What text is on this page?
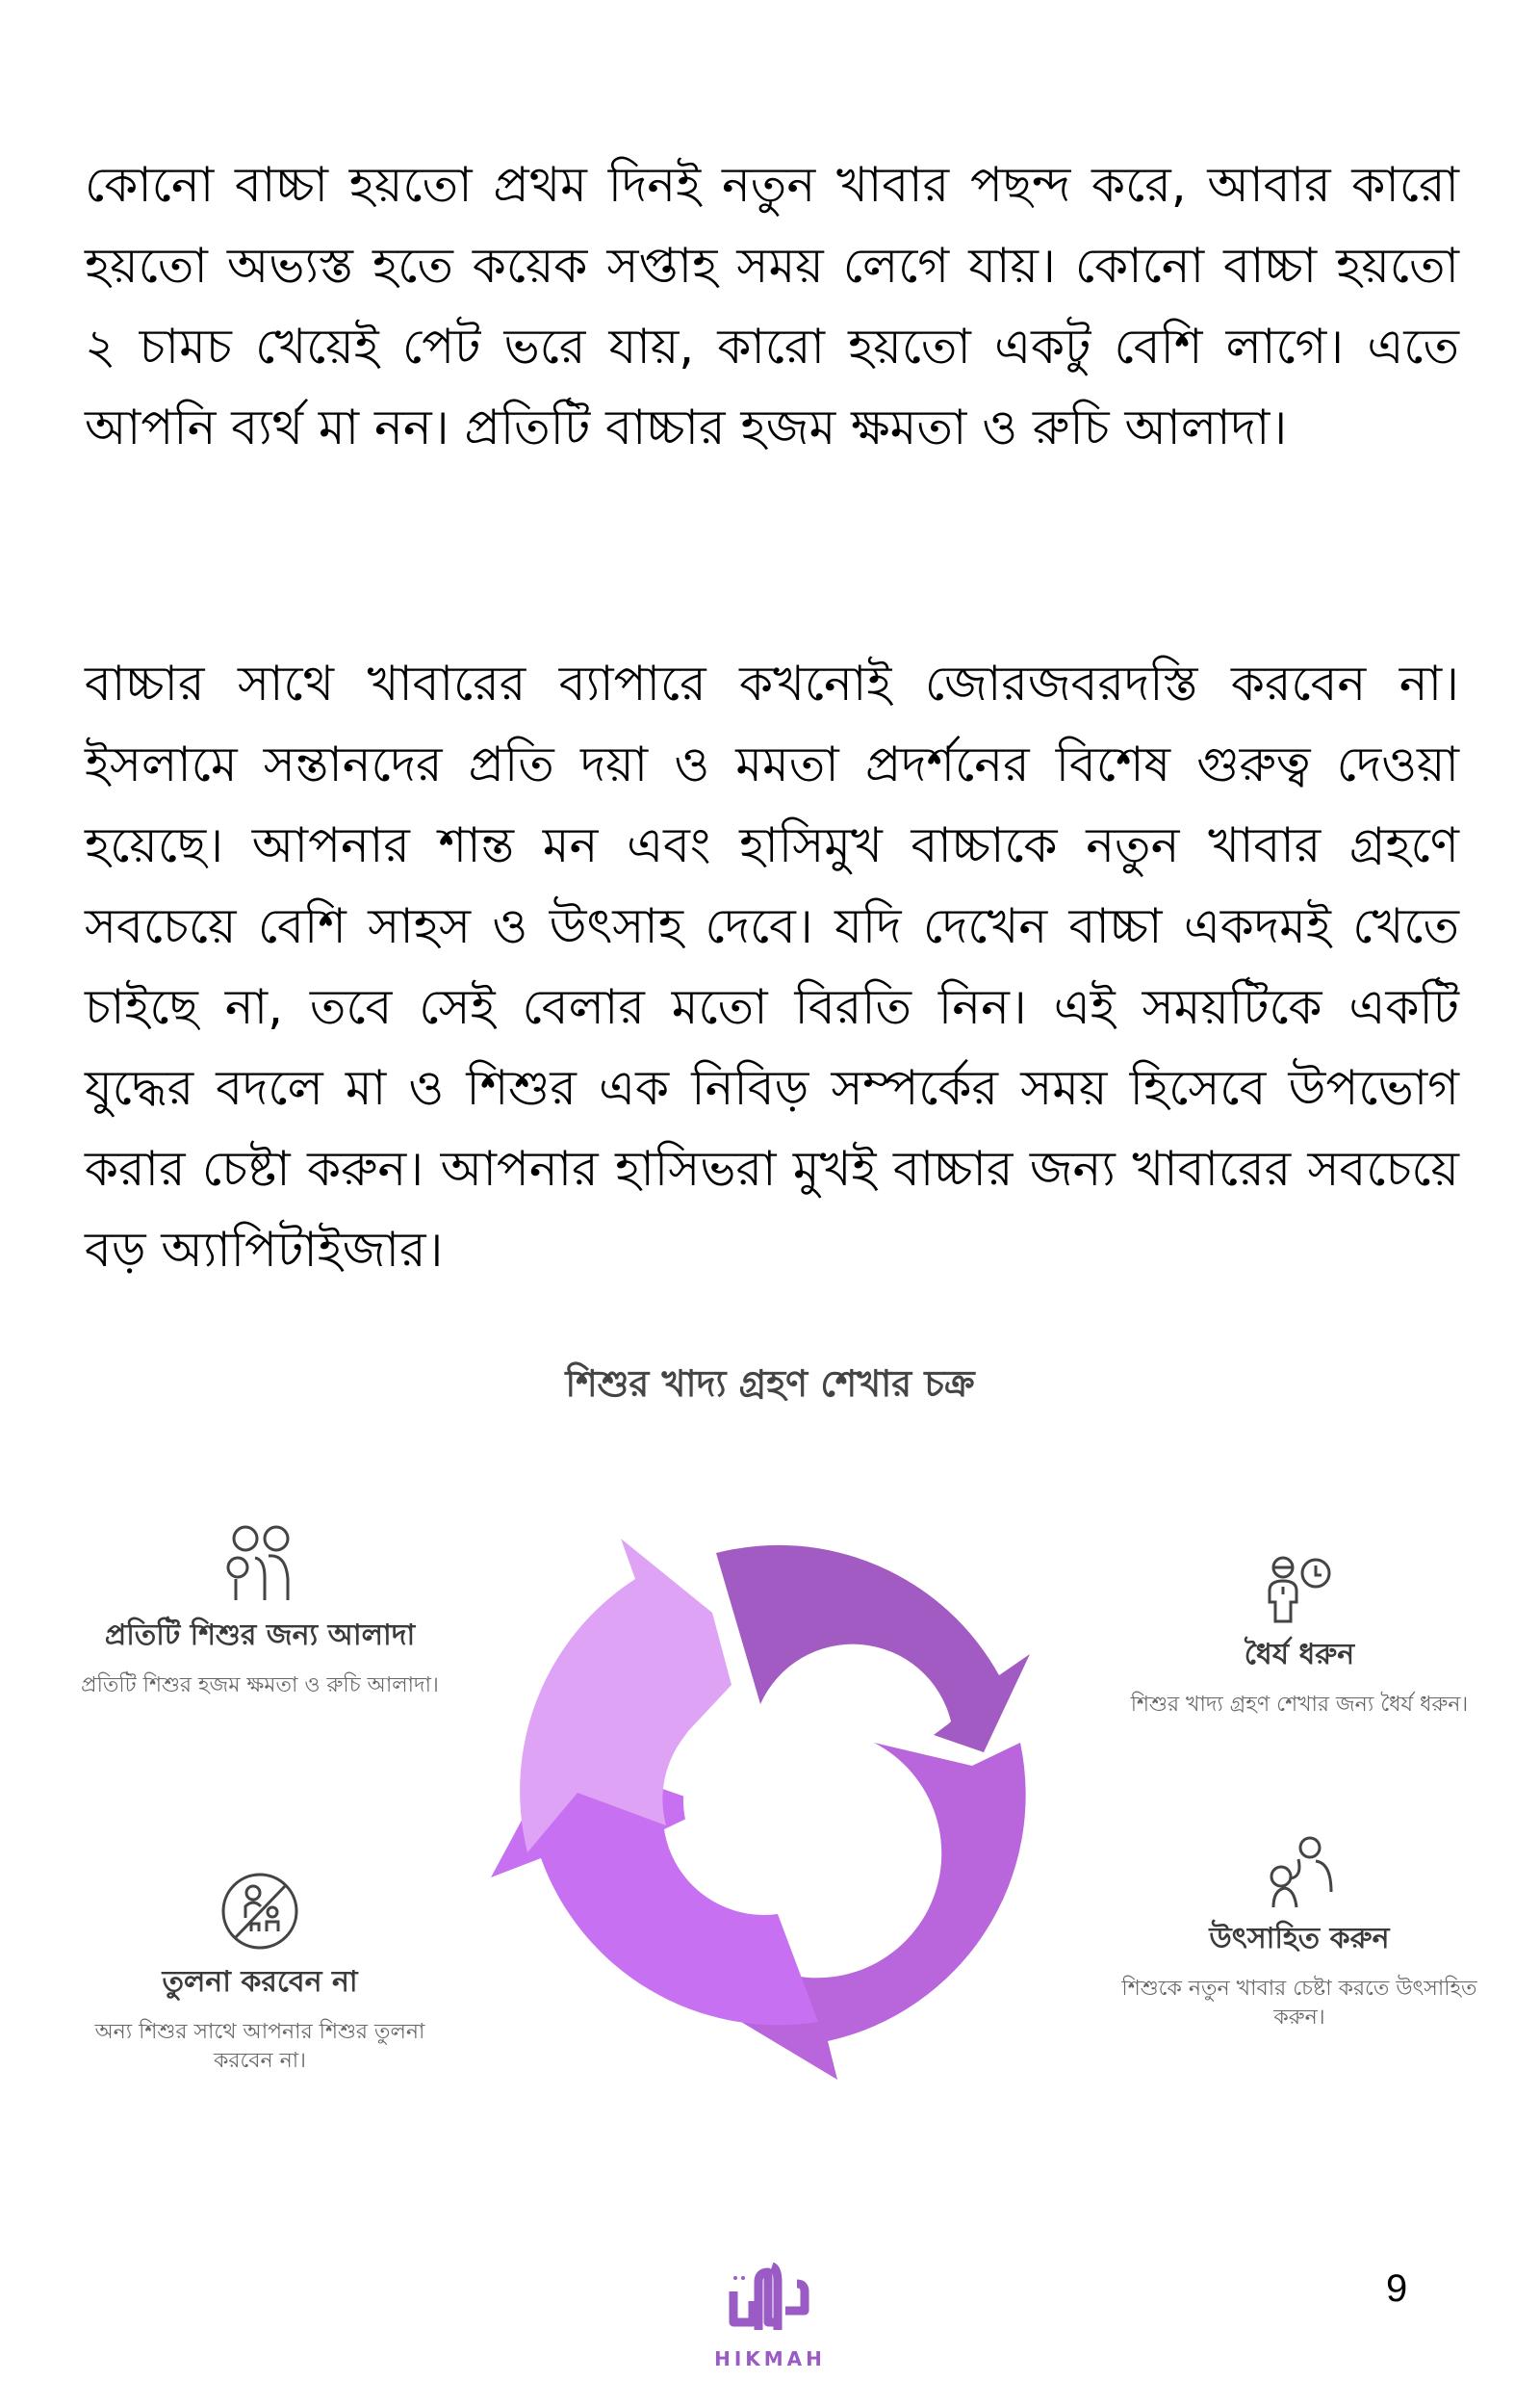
কোনো বাচ্চা হয়তো প্রথম দিনই নতুন খাবার পছন্দ করে, আবার কারো হয়তো অভ্যস্ত হতে কয়েক সপ্তাহ সময় লেগে যায়। কোনো বাচ্চা হয়তো ২ চামচ খেয়েই পেট ভরে যায়, কারো হয়তো একটু বেশি লাগে। এতে আপনি ব্যর্থ মা নন। প্রতিটি বাচ্চার হজম ক্ষমতা ও রুচি আলাদা।

বাচ্চার সাথে খাবারের ব্যাপারে কখনোই জোরজবরদস্তি করবেন না। ইসলামে সন্তানদের প্রতি দয়া ও মমতা প্রদর্শনের বিশেষ গুরুত্ব দেওয়া হয়েছে। আপনার শান্ত মন এবং হাসিমুখ বাচ্চাকে নতুন খাবার গ্রহণে সবচেয়ে বেশি সাহস ও উৎসাহ দেবে। যদি দেখেন বাচ্চা একদমই খেতে চাইছে না, তবে সেই বেলার মতো বিরতি নিন। এই সময়টিকে একটি যুদ্ধের বদলে মা ও শিশুর এক নিবিড় সম্পর্কের সময় হিসেবে উপভোগ করার চেষ্টা করুন। আপনার হাসিভরা মুখই বাচ্চার জন্য খাবারের সবচেয়ে বড় অ্যাপিটাইজার।

শিশুর খাদ্য গ্রহণ শেখার চক্র
প্রতিটি শিশুর জন্য আলাদা
প্রতিটি শিশুর হজম ক্ষমতা ও রুচি আলাদা।
তুলনা করবেন না
অন্য শিশুর সাথে আপনার শিশুর তুলনা করবেন না।
ধৈর্য ধরুন
শিশুর খাদ্য গ্রহণ শেখার জন্য ধৈর্য ধরুন।
উৎসাহিত করুন
শিশুকে নতুন খাবার চেষ্টা করতে উৎসাহিত করুন।
HIKMAH
9
